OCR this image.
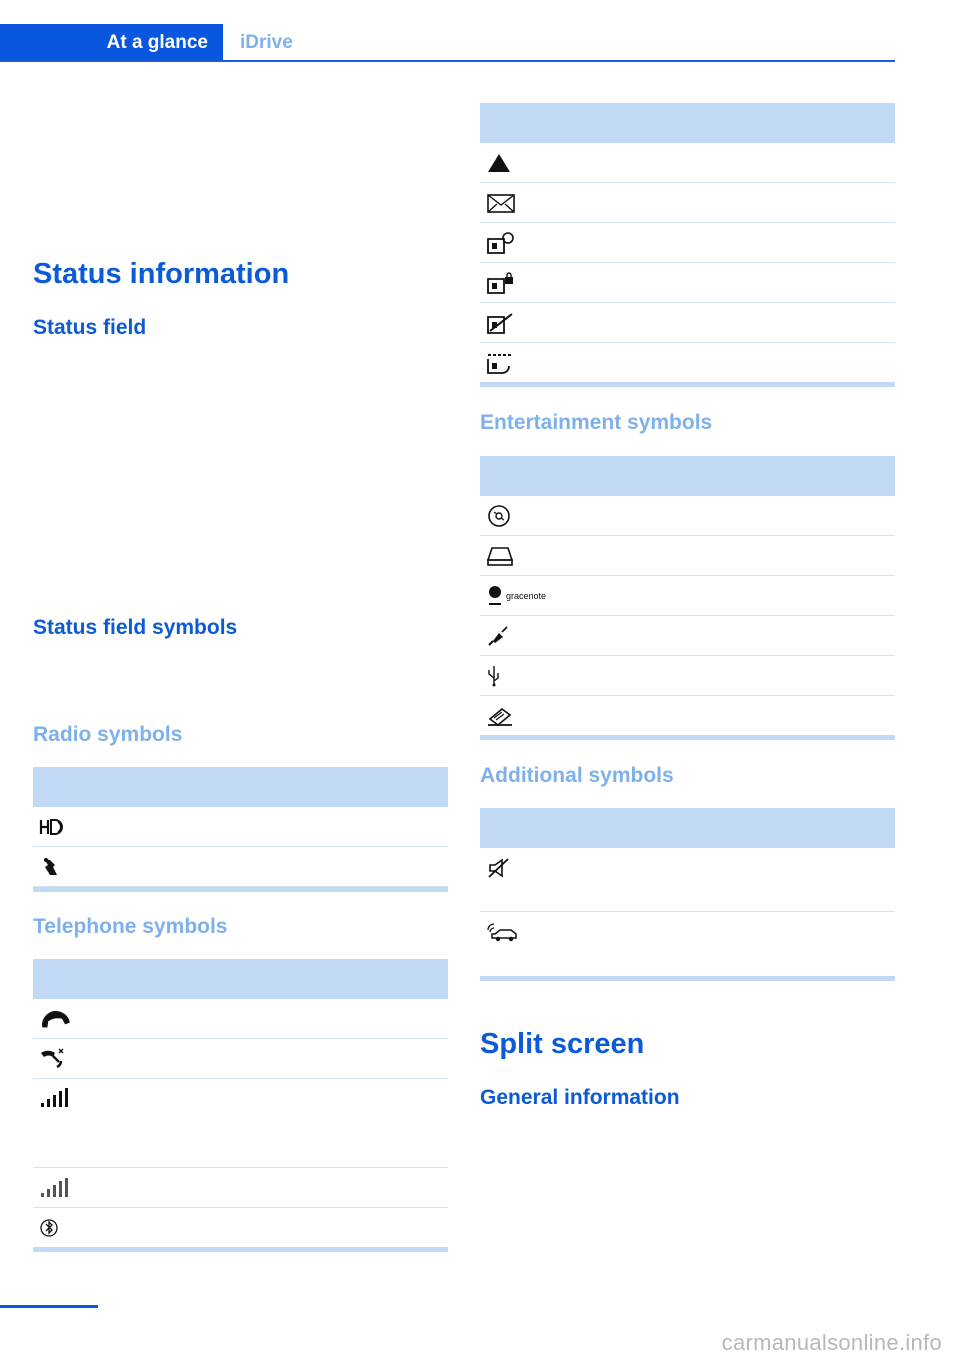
At a glance iDrive
Status information
Status field
Status field symbols
Radio symbols
Telephone symbols
Entertainment symbols
gracenote
Additional symbols
Split screen
General information
carmanualsonline.info
